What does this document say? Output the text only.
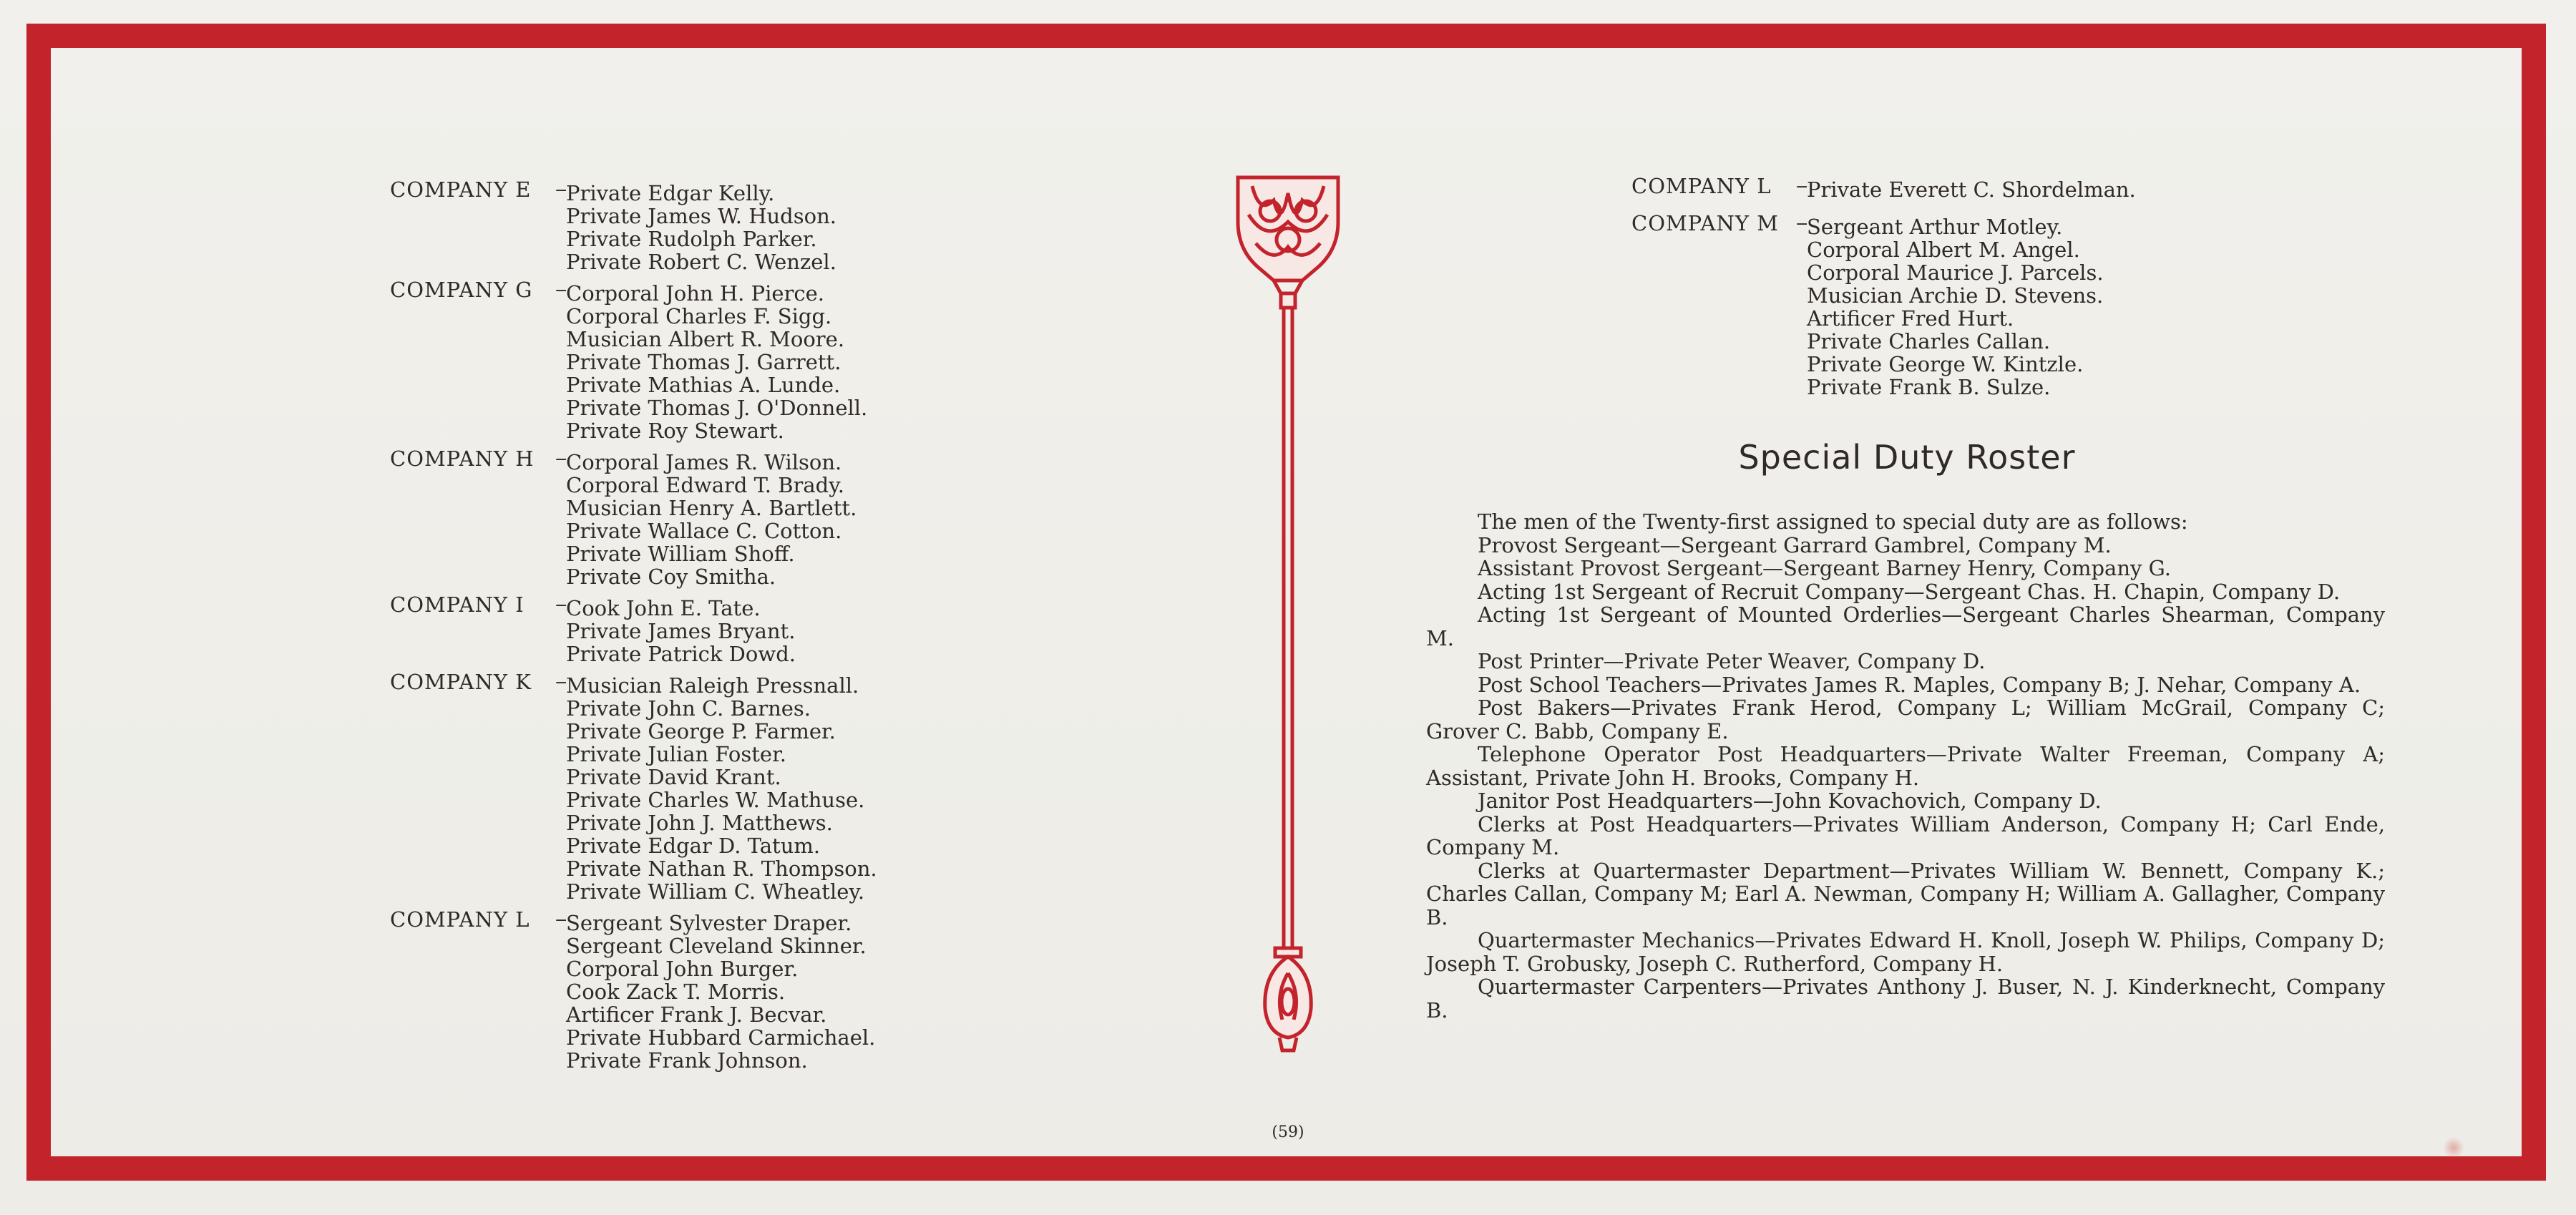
COMPANY E	— Private Edgar Kelly.
Private James W. Hudson.
Private Rudolph Parker.
Private Robert C. Wenzel.
COMPANY G	— Corporal John H. Pierce.
Corporal Charles F. Sigg.
Musician Albert R. Moore.
Private Thomas J. Garrett.
Private Mathias A. Lunde.
Private Thomas J. O'Donnell.
Private Roy Stewart.
COMPANY H	— Corporal James R. Wilson.
Corporal Edward T. Brady.
Musician Henry A. Bartlett.
Private Wallace C. Cotton.
Private William Shoff.
Private Coy Smitha.
COMPANY I	— Cook John E. Tate.
Private James Bryant.
Private Patrick Dowd.
COMPANY K	— Musician Raleigh Pressnall.
Private John C. Barnes.
Private George P. Farmer.
Private Julian Foster.
Private David Krant.
Private Charles W. Mathuse.
Private John J. Matthews.
Private Edgar D. Tatum.
Private Nathan R. Thompson.
Private William C. Wheatley.
COMPANY L	— Sergeant Sylvester Draper.
Sergeant Cleveland Skinner.
Corporal John Burger.
Cook Zack T. Morris.
Artificer Frank J. Becvar.
Private Hubbard Carmichael.
Private Frank Johnson.
COMPANY L	— Private Everett C. Shordelman.
COMPANY M	— Sergeant Arthur Motley.
Corporal Albert M. Angel.
Corporal Maurice J. Parcels.
Musician Archie D. Stevens.
Artificer Fred Hurt.
Private Charles Callan.
Private George W. Kintzle.
Private Frank B. Sulze.
Special Duty Roster

The men of the Twenty-first assigned to special duty are as follows:

Provost Sergeant—Sergeant Garrard Gambrel, Company M.

Assistant Provost Sergeant—Sergeant Barney Henry, Company G.

Acting 1st Sergeant of Recruit Company—Sergeant Chas. H. Chapin, Company D.

Acting 1st Sergeant of Mounted Orderlies—Sergeant Charles Shearman, Company M.

Post Printer—Private Peter Weaver, Company D.

Post School Teachers—Privates James R. Maples, Company B; J. Nehar, Company A.

Post Bakers—Privates Frank Herod, Company L; William McGrail, Company C; Grover C. Babb, Company E.

Telephone Operator Post Headquarters—Private Walter Freeman, Company A; Assistant, Private John H. Brooks, Company H.

Janitor Post Headquarters—John Kovachovich, Company D.

Clerks at Post Headquarters—Privates William Anderson, Company H; Carl Ende, Company M.

Clerks at Quartermaster Department—Privates William W. Bennett, Company K.; Charles Callan, Company M; Earl A. Newman, Company H; William A. Gallagher, Company B.

Quartermaster Mechanics—Privates Edward H. Knoll, Joseph W. Philips, Company D; Joseph T. Grobusky, Joseph C. Rutherford, Company H.

Quartermaster Carpenters—Privates Anthony J. Buser, N. J. Kinderknecht, Company B.

(59)
